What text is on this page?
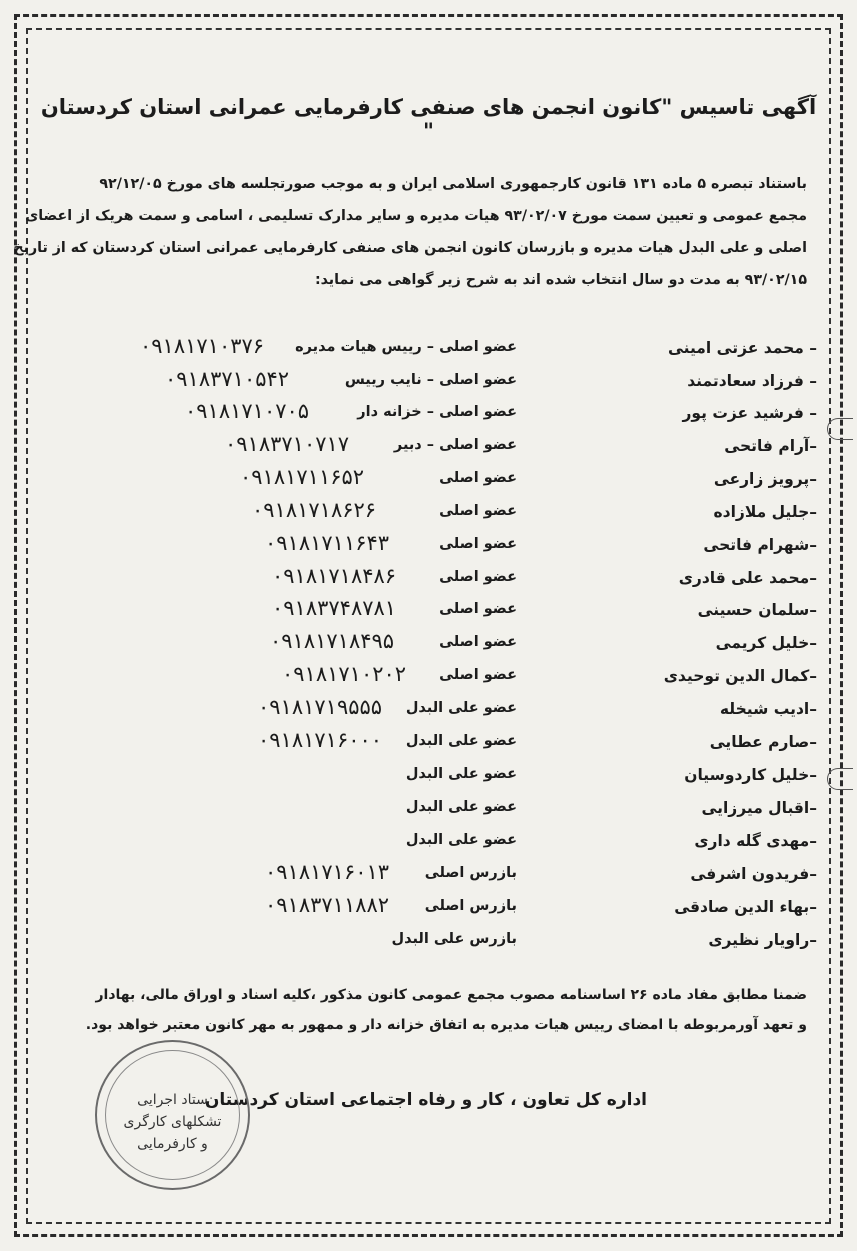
آگهی تاسیس "کانون انجمن های صنفی کارفرمایی عمرانی استان کردستان "
باستناد تبصره ۵ ماده ۱۳۱ قانون کارجمهوری اسلامی ایران و به موجب صورتجلسه های مورخ ۹۲/۱۲/۰۵
مجمع عمومی و تعیین سمت مورخ ۹۳/۰۲/۰۷ هیات مدیره و سایر مدارک تسلیمی ، اسامی و سمت هریک از اعضای
اصلی و علی البدل هیات مدیره و بازرسان کانون انجمن های صنفی کارفرمایی عمرانی استان کردستان که از تاریخ
۹۳/۰۲/۱۵ به مدت دو سال انتخاب شده اند به شرح زیر گواهی می نماید:
– محمد عزتی امینی
عضو اصلی – رییس هیات مدیره
۰۹۱۸۱۷۱۰۳۷۶
– فرزاد سعادتمند
عضو اصلی – نایب رییس
۰۹۱۸۳۷۱۰۵۴۲
– فرشید عزت پور
عضو اصلی – خزانه دار
۰۹۱۸۱۷۱۰۷۰۵
–آرام فاتحی
عضو اصلی – دبیر
۰۹۱۸۳۷۱۰۷۱۷
–پرویز زارعی
عضو اصلی
۰۹۱۸۱۷۱۱۶۵۲
–جلیل ملازاده
عضو اصلی
۰۹۱۸۱۷۱۸۶۲۶
–شهرام فاتحی
عضو اصلی
۰۹۱۸۱۷۱۱۶۴۳
–محمد علی قادری
عضو اصلی
۰۹۱۸۱۷۱۸۴۸۶
–سلمان حسینی
عضو اصلی
۰۹۱۸۳۷۴۸۷۸۱
–خلیل کریمی
عضو اصلی
۰۹۱۸۱۷۱۸۴۹۵
–کمال الدین توحیدی
عضو اصلی
۰۹۱۸۱۷۱۰۲۰۲
–ادیب شیخله
عضو علی البدل
۰۹۱۸۱۷۱۹۵۵۵
–صارم عطایی
عضو علی البدل
۰۹۱۸۱۷۱۶۰۰۰
–خلیل کاردوسیان
عضو علی البدل
–اقبال میرزایی
عضو علی البدل
–مهدی گله داری
عضو علی البدل
–فریدون اشرفی
بازرس اصلی
۰۹۱۸۱۷۱۶۰۱۳
–بهاء الدین صادقی
بازرس اصلی
۰۹۱۸۳۷۱۱۸۸۲
–راویار نظیری
بازرس علی البدل
ضمنا مطابق مفاد ماده ۲۶ اساسنامه مصوب مجمع عمومی کانون مذکور ،کلیه اسناد و اوراق مالی، بهادار
و تعهد آورمربوطه با امضای رییس هیات مدیره به اتفاق خزانه دار و ممهور به مهر کانون معتبر خواهد بود.
اداره کل تعاون ، کار و رفاه اجتماعی استان کردستان
ستاد اجرایی
تشکلهای کارگری
و کارفرمایی
